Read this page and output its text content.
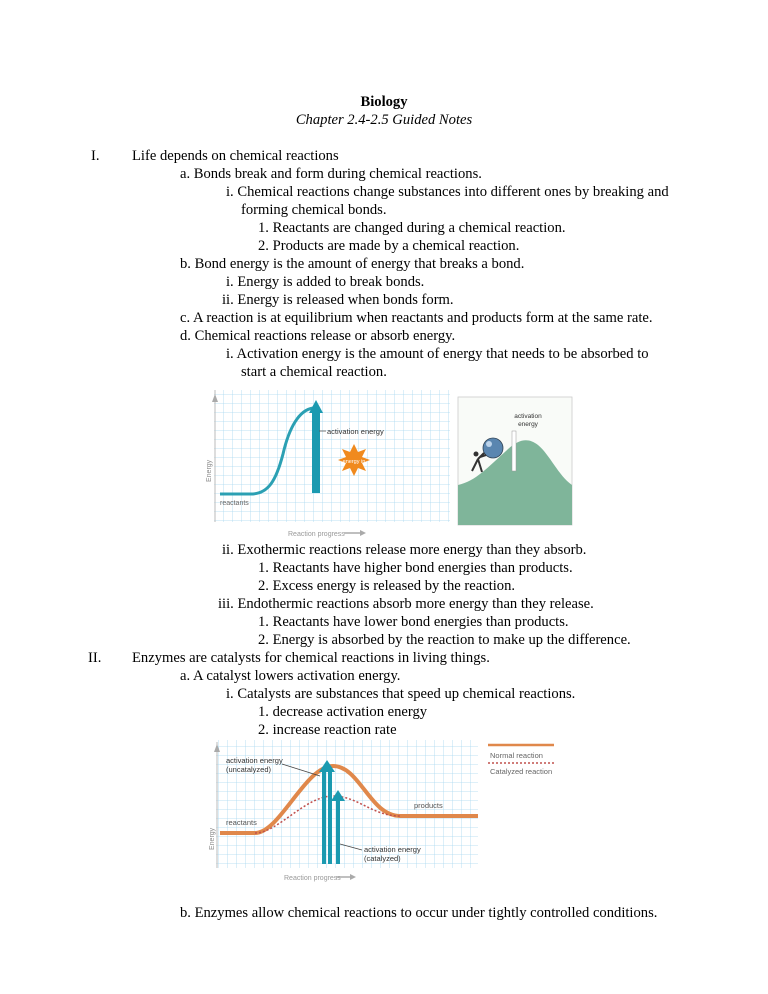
Biology
Chapter 2.4-2.5 Guided Notes
I. Life depends on chemical reactions
a. Bonds break and form during chemical reactions.
i. Chemical reactions change substances into different ones by breaking and
forming chemical bonds.
1. Reactants are changed during a chemical reaction.
2. Products are made by a chemical reaction.
b. Bond energy is the amount of energy that breaks a bond.
i. Energy is added to break bonds.
ii. Energy is released when bonds form.
c. A reaction is at equilibrium when reactants and products form at the same rate.
d. Chemical reactions release or absorb energy.
i. Activation energy is the amount of energy that needs to be absorbed to
start a chemical reaction.
Energy
activation energy
energy in
reactants
Reaction progress
activation
energy
ii. Exothermic reactions release more energy than they absorb.
1. Reactants have higher bond energies than products.
2. Excess energy is released by the reaction.
iii. Endothermic reactions absorb more energy than they release.
1. Reactants have lower bond energies than products.
2. Energy is absorbed by the reaction to make up the difference.
II. Enzymes are catalysts for chemical reactions in living things.
a. A catalyst lowers activation energy.
i. Catalysts are substances that speed up chemical reactions.
1. decrease activation energy
2. increase reaction rate
Energy
activation energy
(uncatalyzed)
products
reactants
activation energy
(catalyzed)
Reaction progress
Normal reaction
Catalyzed reaction
b. Enzymes allow chemical reactions to occur under tightly controlled conditions.
